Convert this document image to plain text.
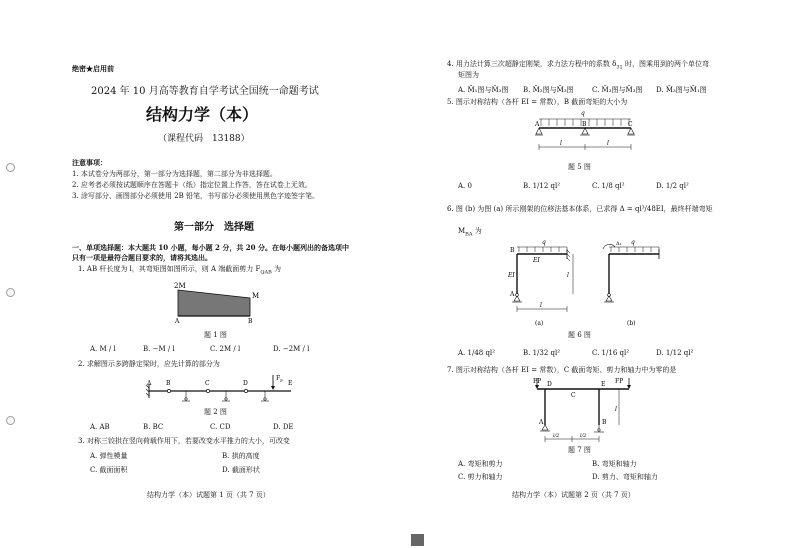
绝密★启用前
2024 年 10 月高等教育自学考试全国统一命题考试
结构力学（本）
（课程代码　13188）
注意事项：
1. 本试卷分为两部分，第一部分为选择题，第二部分为非选择题。
2. 应考者必须按试题顺序在答题卡（纸）指定位置上作答，答在试卷上无效。
3. 涂写部分、画图部分必须使用 2B 铅笔，书写部分必须使用黑色字迹签字笔。
第一部分　选择题
一、单项选择题：本大题共 10 小题，每小题 2 分，共 20 分。在每小题列出的备选项中
只有一项是最符合题目要求的，请将其选出。
1. AB 杆长度为 l，其弯矩图如图所示，则 A 端截面剪力 $F_{QAB}$ 为
2M
M
A	B
题 1 图
A. M / l	B. −M / l	C. 2M / l	D. −2M / l
2. 求解图示多跨静定梁时，应先计算的部分为
$F_P$
A B	C	D	E
题 2 图
A. AB	B. BC	C. CD	D. DE
3. 对称三铰拱在竖向荷载作用下，若要改变水平推力的大小，可改变
A. 弹性模量	B. 拱的高度
C. 截面面积	D. 截面形状
结构力学（本）试题第 1 页（共 7 页）
4. 用力法计算三次超静定刚架，求力法方程中的系数 $\delta_{31}$ 时，图乘用到的两个单位弯
矩图为
A. M̄₁图与M̄₃图 B. M̄₂图与M̄₃图	C. M̄₃图与M̄₃图 D. M̄₃图与M̄₁图
5. 图示对称结构（各杆 EI = 常数），B 截面弯矩的大小为
q
A	B	C
l	l
题 5 图
A. 0	B. 1/12 ql²	C. 1/8 ql²	D. 1/2 ql²
6. 图 (b) 为图 (a) 所示刚架的位移法基本体系，已求得 Δ = ql³/48EI，最终杆端弯矩
$M_{BA}$ 为
q
B
EI
EI
A
l
l
(a)
q
Δ₁
(b)
题 6 图
A. 1/48 ql²	B. 1/32 ql²	C. 1/16 ql²	D. 1/12 ql²
7. 图示对称结构（各杆 EI = 常数），C 截面弯矩、剪力和轴力中为零的是
FP	FP
D	E
C
A	B
l
l/2	l/2
题 7 图
A. 弯矩和剪力	B. 弯矩和轴力
C. 剪力和轴力	D. 剪力、弯矩和轴力
结构力学（本）试题第 2 页（共 7 页）
